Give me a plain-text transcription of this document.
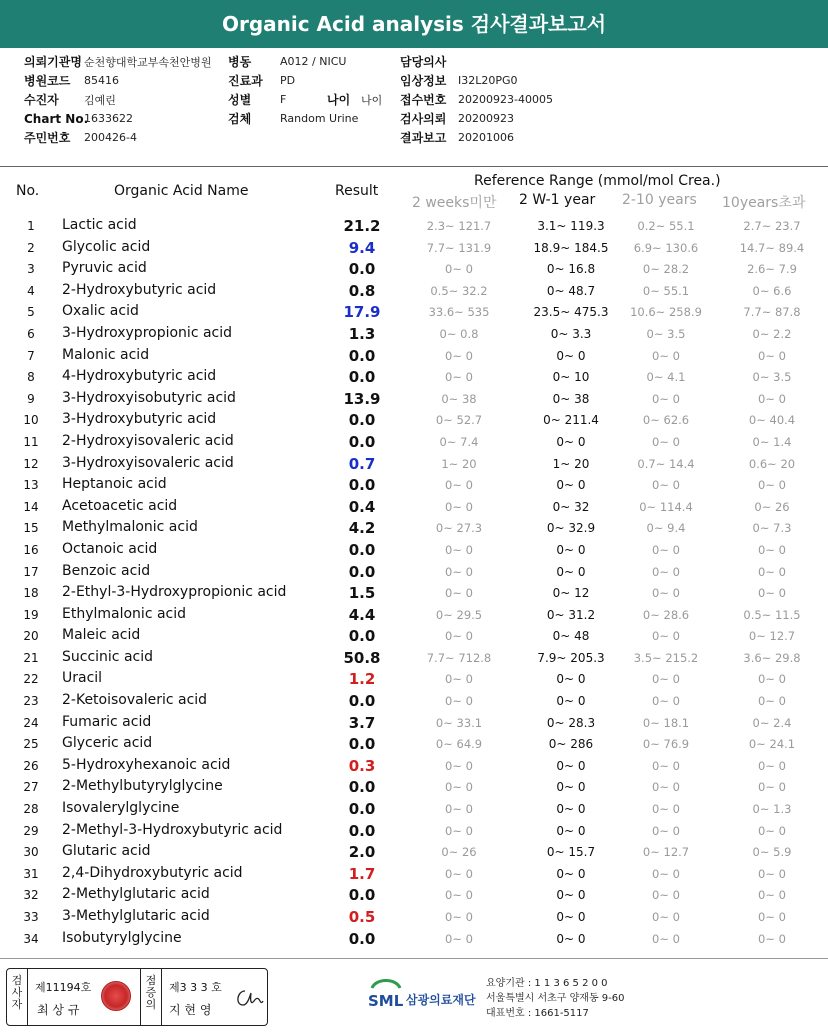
Organic Acid analysis 검사결과보고서
의뢰기관명 순천향대학교부속천안병원
병원코드	85416
수진자	김예린
Chart No.
1633622
주민번호	200426-4
병동	A012 / NICU
진료과	PD
성별	F
검체	Random Urine
나이 나이
담당의사
임상정보	I32L20PG0
접수번호	20200923-40005
검사의뢰	20200923
결과보고	20201006
No.	Organic Acid Name	Result
Reference Range (mmol/mol Crea.)
2 weeks미만 2 W-1 year 2-10 years 10years초과
1	Lactic acid	21.2	2.3~ 121.7	3.1~ 119.3	0.2~ 55.1	2.7~ 23.7
2	Glycolic acid	9.4	7.7~ 131.9	18.9~ 184.5	6.9~ 130.6	14.7~ 89.4
3	Pyruvic acid	0.0	0~ 0	0~ 16.8	0~ 28.2	2.6~ 7.9
4	2-Hydroxybutyric acid	0.8	0.5~ 32.2	0~ 48.7	0~ 55.1	0~ 6.6
5	Oxalic acid	17.9	33.6~ 535	23.5~ 475.3	10.6~ 258.9	7.7~ 87.8
6	3-Hydroxypropionic acid	1.3	0~ 0.8	0~ 3.3	0~ 3.5	0~ 2.2
7	Malonic acid	0.0	0~ 0	0~ 0	0~ 0	0~ 0
8	4-Hydroxybutyric acid	0.0	0~ 0	0~ 10	0~ 4.1	0~ 3.5
9	3-Hydroxyisobutyric acid	13.9	0~ 38	0~ 38	0~ 0	0~ 0
10	3-Hydroxybutyric acid	0.0	0~ 52.7	0~ 211.4	0~ 62.6	0~ 40.4
11	2-Hydroxyisovaleric acid	0.0	0~ 7.4	0~ 0	0~ 0	0~ 1.4
12	3-Hydroxyisovaleric acid	0.7	1~ 20	1~ 20	0.7~ 14.4	0.6~ 20
13	Heptanoic acid	0.0	0~ 0	0~ 0	0~ 0	0~ 0
14	Acetoacetic acid	0.4	0~ 0	0~ 32	0~ 114.4	0~ 26
15	Methylmalonic acid	4.2	0~ 27.3	0~ 32.9	0~ 9.4	0~ 7.3
16	Octanoic acid	0.0	0~ 0	0~ 0	0~ 0	0~ 0
17	Benzoic acid	0.0	0~ 0	0~ 0	0~ 0	0~ 0
18	2-Ethyl-3-Hydroxypropionic acid	1.5	0~ 0	0~ 12	0~ 0	0~ 0
19	Ethylmalonic acid	4.4	0~ 29.5	0~ 31.2	0~ 28.6	0.5~ 11.5
20	Maleic acid	0.0	0~ 0	0~ 48	0~ 0	0~ 12.7
21	Succinic acid	50.8	7.7~ 712.8	7.9~ 205.3	3.5~ 215.2	3.6~ 29.8
22	Uracil	1.2	0~ 0	0~ 0	0~ 0	0~ 0
23	2-Ketoisovaleric acid	0.0	0~ 0	0~ 0	0~ 0	0~ 0
24	Fumaric acid	3.7	0~ 33.1	0~ 28.3	0~ 18.1	0~ 2.4
25	Glyceric acid	0.0	0~ 64.9	0~ 286	0~ 76.9	0~ 24.1
26	5-Hydroxyhexanoic acid	0.3	0~ 0	0~ 0	0~ 0	0~ 0
27	2-Methylbutyrylglycine	0.0	0~ 0	0~ 0	0~ 0	0~ 0
28	Isovalerylglycine	0.0	0~ 0	0~ 0	0~ 0	0~ 1.3
29	2-Methyl-3-Hydroxybutyric acid	0.0	0~ 0	0~ 0	0~ 0	0~ 0
30	Glutaric acid	2.0	0~ 26	0~ 15.7	0~ 12.7	0~ 5.9
31	2,4-Dihydroxybutyric acid	1.7	0~ 0	0~ 0	0~ 0	0~ 0
32	2-Methylglutaric acid	0.0	0~ 0	0~ 0	0~ 0	0~ 0
33	3-Methylglutaric acid	0.5	0~ 0	0~ 0	0~ 0	0~ 0
34	Isobutyrylglycine	0.0	0~ 0	0~ 0	0~ 0	0~ 0
검사자
제11194호
최 상 규
점증의
제3 3 3 호
지 현 영	SML 삼광의료재단
요양기관 : 1 1 3 6 5 2 0 0
서울특별시 서초구 양재동 9-60
대표번호 : 1661-5117
